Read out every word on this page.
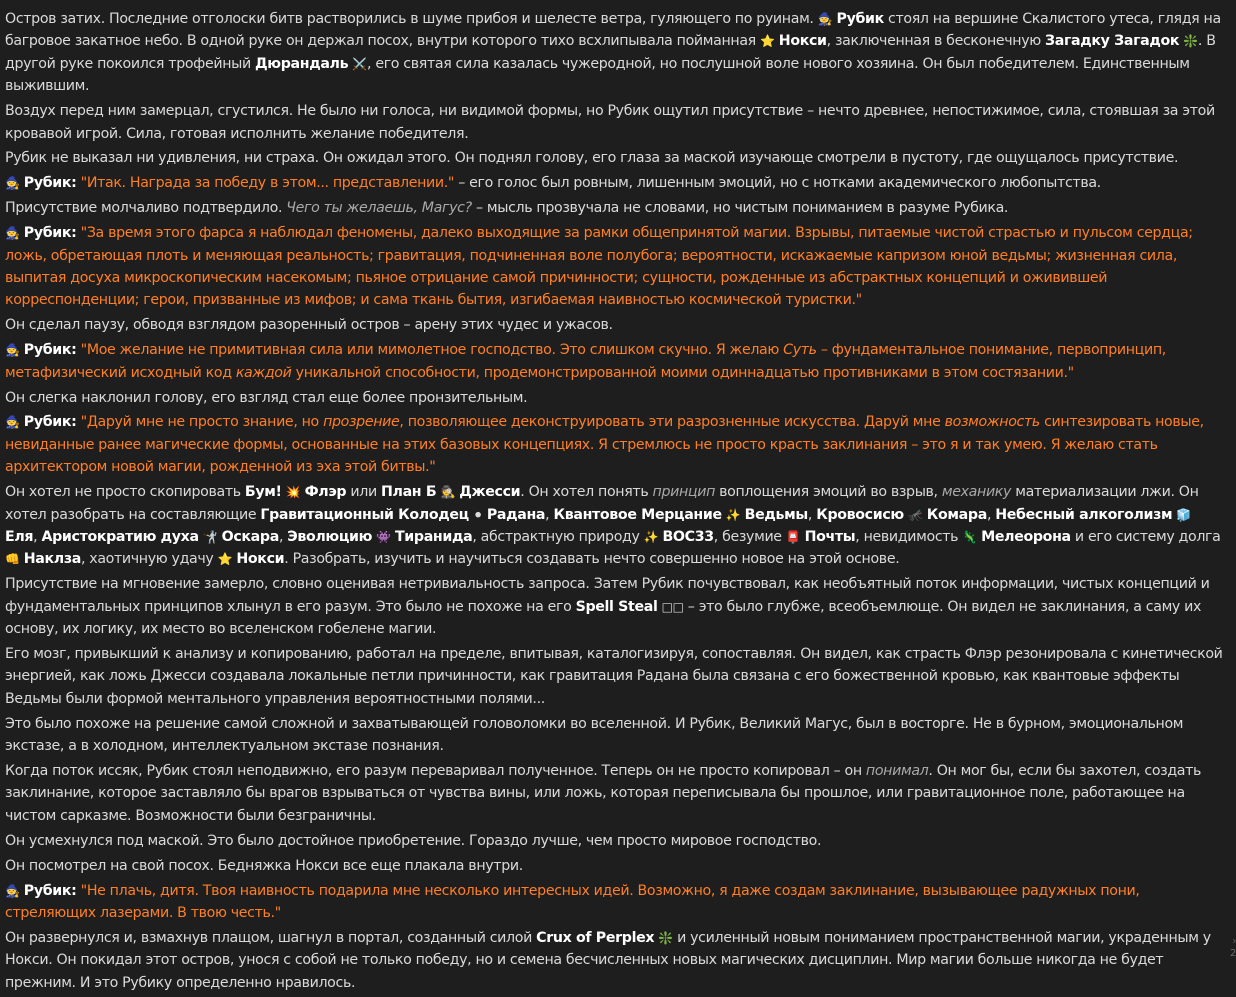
Остров затих. Последние отголоски битв растворились в шуме прибоя и шелесте ветра, гуляющего по руинам. 🧙 Рубик стоял на вершине Скалистого утеса, глядя на багровое закатное небо. В одной руке он держал посох, внутри которого тихо всхлипывала пойманная ⭐ Нокси, заключенная в бесконечную Загадку Загадок ❇️. В другой руке покоился трофейный Дюрандаль ⚔️, его святая сила казалась чужеродной, но послушной воле нового хозяина. Он был победителем. Единственным выжившим.
Воздух перед ним замерцал, сгустился. Не было ни голоса, ни видимой формы, но Рубик ощутил присутствие – нечто древнее, непостижимое, сила, стоявшая за этой кровавой игрой. Сила, готовая исполнить желание победителя.
Рубик не выказал ни удивления, ни страха. Он ожидал этого. Он поднял голову, его глаза за маской изучающе смотрели в пустоту, где ощущалось присутствие.
🧙 Рубик: "Итак. Награда за победу в этом... представлении." – его голос был ровным, лишенным эмоций, но с нотками академического любопытства.
Присутствие молчаливо подтвердило. Чего ты желаешь, Магус? – мысль прозвучала не словами, но чистым пониманием в разуме Рубика.
🧙 Рубик: "За время этого фарса я наблюдал феномены, далеко выходящие за рамки общепринятой магии. Взрывы, питаемые чистой страстью и пульсом сердца; ложь, обретающая плоть и меняющая реальность; гравитация, подчиненная воле полубога; вероятности, искажаемые капризом юной ведьмы; жизненная сила, выпитая досуха микроскопическим насекомым; пьяное отрицание самой причинности; сущности, рожденные из абстрактных концепций и оживившей корреспонденции; герои, призванные из мифов; и сама ткань бытия, изгибаемая наивностью космической туристки."
Он сделал паузу, обводя взглядом разоренный остров – арену этих чудес и ужасов.
🧙 Рубик: "Мое желание не примитивная сила или мимолетное господство. Это слишком скучно. Я желаю Суть – фундаментальное понимание, первопринцип, метафизический исходный код каждой уникальной способности, продемонстрированной моими одиннадцатью противниками в этом состязании."
Он слегка наклонил голову, его взгляд стал еще более пронзительным.
🧙 Рубик: "Даруй мне не просто знание, но прозрение, позволяющее деконструировать эти разрозненные искусства. Даруй мне возможность синтезировать новые, невиданные ранее магические формы, основанные на этих базовых концепциях. Я стремлюсь не просто красть заклинания – это я и так умею. Я желаю стать архитектором новой магии, рожденной из эха этой битвы."
Он хотел не просто скопировать Бум! 💥 Флэр или План Б 🕵️ Джесси. Он хотел понять принцип воплощения эмоций во взрыв, механику материализации лжи. Он хотел разобрать на составляющие Гравитационный Колодец ⚫ Радана, Квантовое Мерцание ✨ Ведьмы, Кровосисю 🦟 Комара, Небесный алкоголизм 🧊 Еля, Аристократию духа 🤺 Оскара, Эволюцию 👾 Тиранида, абстрактную природу ✨ ВОС33, безумие 📮 Почты, невидимость 🦎 Мелеорона и его систему долга 👊 Наклза, хаотичную удачу ⭐ Нокси. Разобрать, изучить и научиться создавать нечто совершенно новое на этой основе.
Присутствие на мгновение замерло, словно оценивая нетривиальность запроса. Затем Рубик почувствовал, как необъятный поток информации, чистых концепций и фундаментальных принципов хлынул в его разум. Это было не похоже на его Spell Steal □□ – это было глубже, всеобъемлюще. Он видел не заклинания, а саму их основу, их логику, их место во вселенском гобелене магии.
Его мозг, привыкший к анализу и копированию, работал на пределе, впитывая, каталогизируя, сопоставляя. Он видел, как страсть Флэр резонировала с кинетической энергией, как ложь Джесси создавала локальные петли причинности, как гравитация Радана была связана с его божественной кровью, как квантовые эффекты Ведьмы были формой ментального управления вероятностными полями...
Это было похоже на решение самой сложной и захватывающей головоломки во вселенной. И Рубик, Великий Магус, был в восторге. Не в бурном, эмоциональном экстазе, а в холодном, интеллектуальном экстазе познания.
Когда поток иссяк, Рубик стоял неподвижно, его разум переваривал полученное. Теперь он не просто копировал – он понимал. Он мог бы, если бы захотел, создать заклинание, которое заставляло бы врагов взрываться от чувства вины, или ложь, которая переписывала бы прошлое, или гравитационное поле, работающее на чистом сарказме. Возможности были безграничны.
Он усмехнулся под маской. Это было достойное приобретение. Гораздо лучше, чем просто мировое господство.
Он посмотрел на свой посох. Бедняжка Нокси все еще плакала внутри.
🧙 Рубик: "Не плачь, дитя. Твоя наивность подарила мне несколько интересных идей. Возможно, я даже создам заклинание, вызывающее радужных пони, стреляющих лазерами. В твою честь."
Он развернулся и, взмахнув плащом, шагнул в портал, созданный силой Crux of Perplex ❇️ и усиленный новым пониманием пространственной магии, украденным у Нокси. Он покидал этот остров, унося с собой не только победу, но и семена бесчисленных новых магических дисциплин. Мир магии больше никогда не будет прежним. И это Рубику определенно нравилось.
›
2
